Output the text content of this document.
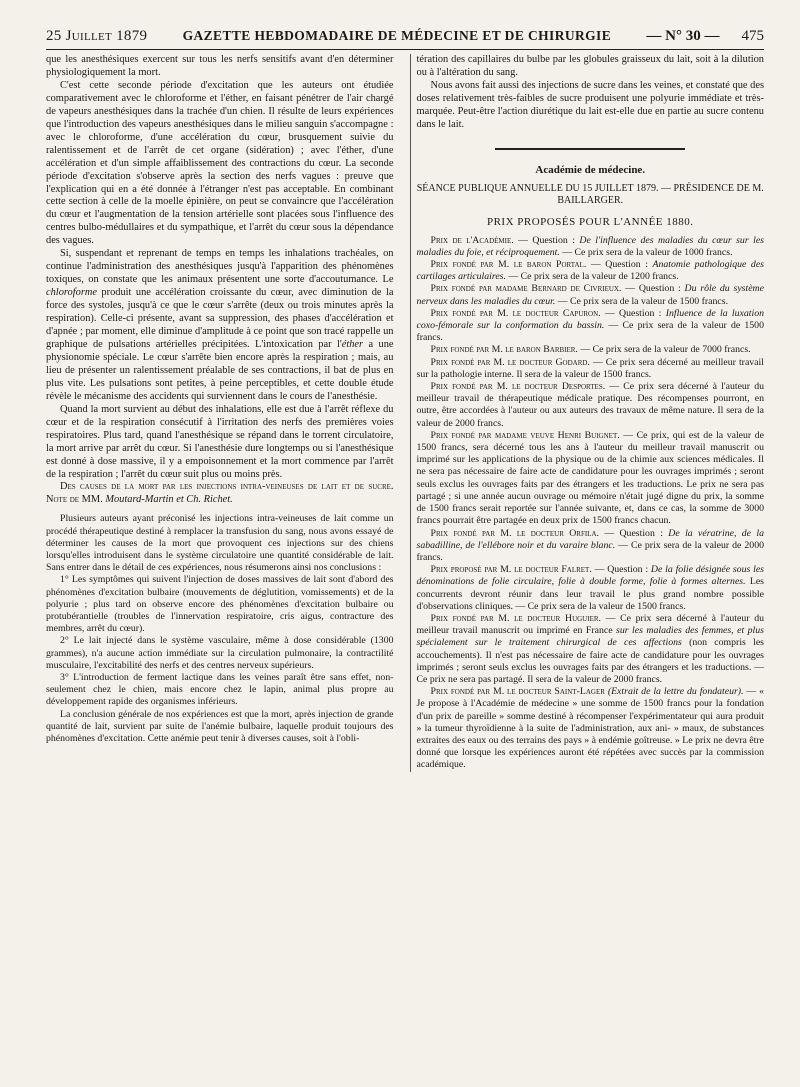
25 Juillet 1879	GAZETTE HEBDOMADAIRE DE MÉDECINE ET DE CHIRURGIE — N° 30 — 475

que les anesthésiques exercent sur tous les nerfs sensitifs avant d'en déterminer physiologiquement la mort.

C'est cette seconde période d'excitation que les auteurs ont étudiée comparativement avec le chloroforme et l'éther, en faisant pénétrer de l'air chargé de vapeurs anesthésiques dans la trachée d'un chien. Il résulte de leurs expériences que l'introduction des vapeurs anesthésiques dans le milieu sanguin s'accompagne : avec le chloroforme, d'une accélération du cœur, brusquement suivie du ralentissement et de l'arrêt de cet organe (sidération) ; avec l'éther, d'une accélération et d'un simple affaiblissement des contractions du cœur. La seconde période d'excitation s'observe après la section des nerfs vagues : preuve que l'explication qui en a été donnée à l'étranger n'est pas acceptable. En combinant cette section à celle de la moelle épinière, on peut se convaincre que l'accélération du cœur et l'augmentation de la tension artérielle sont placées sous l'influence des centres bulbo-médullaires et du sympathique, et l'arrêt du cœur sous la dépendance des vagues.

Si, suspendant et reprenant de temps en temps les inhalations trachéales, on continue l'administration des anesthésiques jusqu'à l'apparition des phénomènes toxiques, on constate que les animaux présentent une sorte d'accoutumance. Le chloroforme produit une accélération croissante du cœur, avec diminution de la force des systoles, jusqu'à ce que le cœur s'arrête (deux ou trois minutes après la respiration). Celle-ci présente, avant sa suppression, des phases d'accélération et d'apnée ; par moment, elle diminue d'amplitude à ce point que son tracé rappelle un graphique de pulsations artérielles précipitées. L'intoxication par l'éther a une physionomie spéciale. Le cœur s'arrête bien encore après la respiration ; mais, au lieu de présenter un ralentissement préalable de ses contractions, il bat de plus en plus vite. Les pulsations sont petites, à peine perceptibles, et cette double étude révèle le mécanisme des accidents qui surviennent dans le cours de l'anesthésie.

Quand la mort survient au début des inhalations, elle est due à l'arrêt réflexe du cœur et de la respiration consécutif à l'irritation des nerfs des premières voies respiratoires. Plus tard, quand l'anesthésique se répand dans le torrent circulatoire, la mort arrive par arrêt du cœur. Si l'anesthésie dure longtemps ou si l'anesthésique est donné à dose massive, il y a empoisonnement et la mort commence par l'arrêt de la respiration ; l'arrêt du cœur suit plus ou moins près.

Des causes de la mort par les injections intra-veineuses de lait et de sucre. Note de MM. Moutard-Martin et Ch. Richet.

Plusieurs auteurs ayant préconisé les injections intra-veineuses de lait comme un procédé thérapeutique destiné à remplacer la transfusion du sang, nous avons essayé de déterminer les causes de la mort que provoquent ces injections sur des chiens lorsqu'elles introduisent dans le système circulatoire une quantité considérable de lait. Sans entrer dans le détail de ces expériences, nous résumerons ainsi nos conclusions :

1° Les symptômes qui suivent l'injection de doses massives de lait sont d'abord des phénomènes d'excitation bulbaire (mouvements de déglutition, vomissements) et de la polyurie ; plus tard on observe encore des phénomènes d'excitation bulbaire ou protubérantielle (troubles de l'innervation respiratoire, cris aigus, contracture des membres, arrêt du cœur).

2° Le lait injecté dans le système vasculaire, même à dose considérable (1300 grammes), n'a aucune action immédiate sur la circulation pulmonaire, la contractilité musculaire, l'excitabilité des nerfs et des centres nerveux supérieurs.

3° L'introduction de ferment lactique dans les veines paraît être sans effet, non-seulement chez le chien, mais encore chez le lapin, animal plus propre au développement rapide des organismes inférieurs.

La conclusion générale de nos expériences est que la mort, après injection de grande quantité de lait, survient par suite de l'anémie bulbaire, laquelle produit toujours des phénomènes d'excitation. Cette anémie peut tenir à diverses causes, soit à l'obli-

tération des capillaires du bulbe par les globules graisseux du lait, soit à la dilution ou à l'altération du sang.

Nous avons fait aussi des injections de sucre dans les veines, et constaté que des doses relativement très-faibles de sucre produisent une polyurie immédiate et très-marquée. Peut-être l'action diurétique du lait est-elle due en partie au sucre contenu dans le lait.

Académie de médecine.
SÉANCE PUBLIQUE ANNUELLE DU 15 JUILLET 1879. — PRÉSIDENCE DE M. BAILLARGER.
PRIX PROPOSÉS POUR L'ANNÉE 1880.

Prix de l'Académie. — Question : De l'influence des maladies du cœur sur les maladies du foie, et réciproquement. — Ce prix sera de la valeur de 1000 francs.

Prix fondé par M. le baron Portal. — Question : Anatomie pathologique des cartilages articulaires. — Ce prix sera de la valeur de 1200 francs.

Prix fondé par madame Bernard de Civrieux. — Question : Du rôle du système nerveux dans les maladies du cœur. — Ce prix sera de la valeur de 1500 francs.

Prix fondé par M. le docteur Capuron. — Question : Influence de la luxation coxo-fémorale sur la conformation du bassin. — Ce prix sera de la valeur de 1500 francs.

Prix fondé par M. le baron Barbier. — Ce prix sera de la valeur de 7000 francs.

Prix fondé par M. le docteur Godard. — Ce prix sera décerné au meilleur travail sur la pathologie interne. Il sera de la valeur de 1500 francs.

Prix fondé par M. le docteur Desportes. — Ce prix sera décerné à l'auteur du meilleur travail de thérapeutique médicale pratique. Des récompenses pourront, en outre, être accordées à l'auteur ou aux auteurs des travaux de même nature. Il sera de la valeur de 2000 francs.

Prix fondé par madame veuve Henri Buignet. — Ce prix, qui est de la valeur de 1500 francs, sera décerné tous les ans à l'auteur du meilleur travail manuscrit ou imprimé sur les applications de la physique ou de la chimie aux sciences médicales. Il ne sera pas nécessaire de faire acte de candidature pour les ouvrages imprimés ; seront seuls exclus les ouvrages faits par des étrangers et les traductions. Le prix ne sera pas partagé ; si une année aucun ouvrage ou mémoire n'était jugé digne du prix, la somme de 1500 francs serait reportée sur l'année suivante, et, dans ce cas, la somme de 3000 francs pourrait être partagée en deux prix de 1500 francs chacun.

Prix fondé par M. le docteur Orfila. — Question : De la vératrine, de la sabadilline, de l'ellébore noir et du varaire blanc. — Ce prix sera de la valeur de 2000 francs.

Prix proposé par M. le docteur Falret. — Question : De la folie désignée sous les dénominations de folie circulaire, folie à double forme, folie à formes alternes. Les concurrents devront réunir dans leur travail le plus grand nombre possible d'observations cliniques. — Ce prix sera de la valeur de 1500 francs.

Prix fondé par M. le docteur Huguier. — Ce prix sera décerné à l'auteur du meilleur travail manuscrit ou imprimé en France sur les maladies des femmes, et plus spécialement sur le traitement chirurgical de ces affections (non compris les accouchements). Il n'est pas nécessaire de faire acte de candidature pour les ouvrages imprimés ; seront seuls exclus les ouvrages faits par des étrangers et les traductions. — Ce prix ne sera pas partagé. Il sera de la valeur de 2000 francs.

Prix fondé par M. le docteur Saint-Lager (Extrait de la lettre du fondateur). — « Je propose à l'Académie de médecine » une somme de 1500 francs pour la fondation d'un prix de pareille » somme destiné à récompenser l'expérimentateur qui aura produit » la tumeur thyroïdienne à la suite de l'administration, aux ani- » maux, de substances extraites des eaux ou des terrains des pays » à endémie goîtreuse. » Le prix ne devra être donné que lorsque les expériences auront été répétées avec succès par la commission académique.
